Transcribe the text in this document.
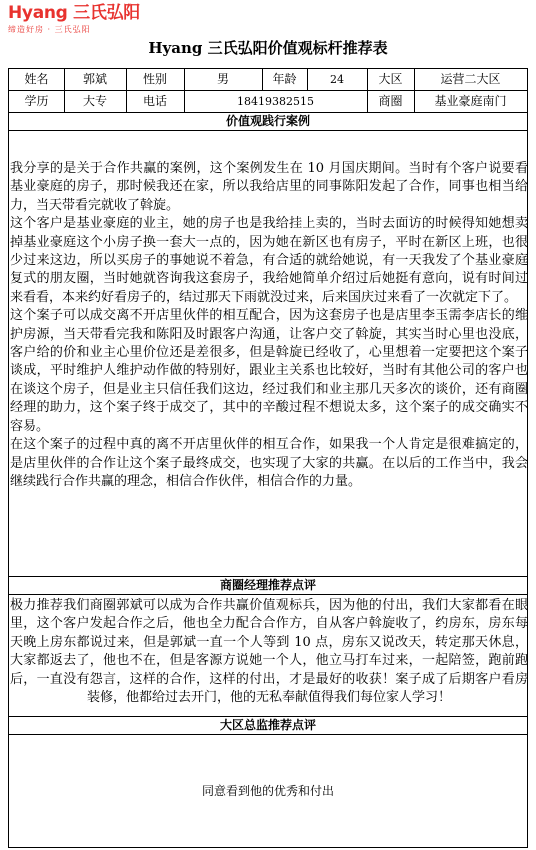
Hyang 三氏弘阳
缔造好房 · 三氏弘阳
Hyang 三氏弘阳价值观标杆推荐表
姓名	郭斌	性别	男	年龄	24	大区	运营二大区
学历	大专	电话	18419382515	商圈	基业豪庭南门
价值观践行案例

我分享的是关于合作共赢的案例，这个案例发生在 10 月国庆期间。当时有个客户说要看基业豪庭的房子，那时候我还在家，所以我给店里的同事陈阳发起了合作，同事也相当给力，当天带看完就收了斡旋。

这个客户是基业豪庭的业主，她的房子也是我给挂上卖的，当时去面访的时候得知她想卖掉基业豪庭这个小房子换一套大一点的，因为她在新区也有房子，平时在新区上班，也很少过来这边，所以买房子的事她说不着急，有合适的就给她说，有一天我发了个基业豪庭复式的朋友圈，当时她就咨询我这套房子，我给她简单介绍过后她挺有意向，说有时间过来看看，本来约好看房子的，结过那天下雨就没过来，后来国庆过来看了一次就定下了。

这个案子可以成交离不开店里伙伴的相互配合，因为这套房子也是店里李玉需李店长的维护房源，当天带看完我和陈阳及时跟客户沟通，让客户交了斡旋，其实当时心里也没底，客户给的价和业主心里价位还是差很多，但是斡旋已经收了，心里想着一定要把这个案子谈成，平时维护人维护动作做的特别好，跟业主关系也比较好，当时有其他公司的客户也在谈这个房子，但是业主只信任我们这边，经过我们和业主那几天多次的谈价，还有商圈经理的助力，这个案子终于成交了，其中的辛酸过程不想说太多，这个案子的成交确实不容易。

在这个案子的过程中真的离不开店里伙伴的相互合作，如果我一个人肯定是很难搞定的，是店里伙伴的合作让这个案子最终成交，也实现了大家的共赢。在以后的工作当中，我会继续践行合作共赢的理念，相信合作伙伴，相信合作的力量。

商圈经理推荐点评
极力推荐我们商圈郭斌可以成为合作共赢价值观标兵，因为他的付出，我们大家都看在眼里，这个客户发起合作之后，他也全力配合合作方，自从客户斡旋收了，约房东，房东每天晚上房东都说过来，但是郭斌一直一个人等到 10 点，房东又说改天，转定那天休息，大家都返去了，他也不在，但是客源方说她一个人，他立马打车过来，一起陪签，跑前跑后，一直没有怨言，这样的合作，这样的付出，才是最好的收获！案子成了后期客户看房装修，他都给过去开门，他的无私奉献值得我们每位家人学习！
大区总监推荐点评
同意看到他的优秀和付出
